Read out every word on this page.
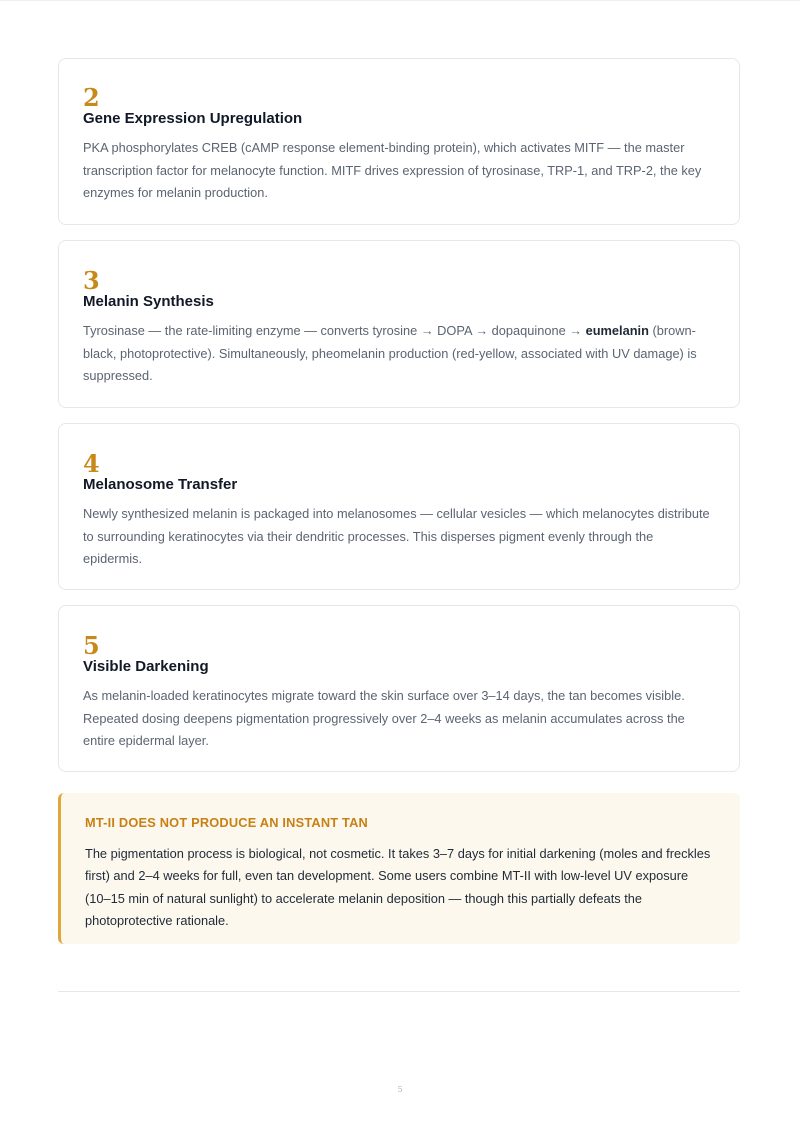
2
Gene Expression Upregulation
PKA phosphorylates CREB (cAMP response element-binding protein), which activates MITF — the master transcription factor for melanocyte function. MITF drives expression of tyrosinase, TRP-1, and TRP-2, the key enzymes for melanin production.
3
Melanin Synthesis
Tyrosinase — the rate-limiting enzyme — converts tyrosine → DOPA → dopaquinone → eumelanin (brown-black, photoprotective). Simultaneously, pheomelanin production (red-yellow, associated with UV damage) is suppressed.
4
Melanosome Transfer
Newly synthesized melanin is packaged into melanosomes — cellular vesicles — which melanocytes distribute to surrounding keratinocytes via their dendritic processes. This disperses pigment evenly through the epidermis.
5
Visible Darkening
As melanin-loaded keratinocytes migrate toward the skin surface over 3–14 days, the tan becomes visible. Repeated dosing deepens pigmentation progressively over 2–4 weeks as melanin accumulates across the entire epidermal layer.
MT-II DOES NOT PRODUCE AN INSTANT TAN
The pigmentation process is biological, not cosmetic. It takes 3–7 days for initial darkening (moles and freckles first) and 2–4 weeks for full, even tan development. Some users combine MT-II with low-level UV exposure (10–15 min of natural sunlight) to accelerate melanin deposition — though this partially defeats the photoprotective rationale.
5
